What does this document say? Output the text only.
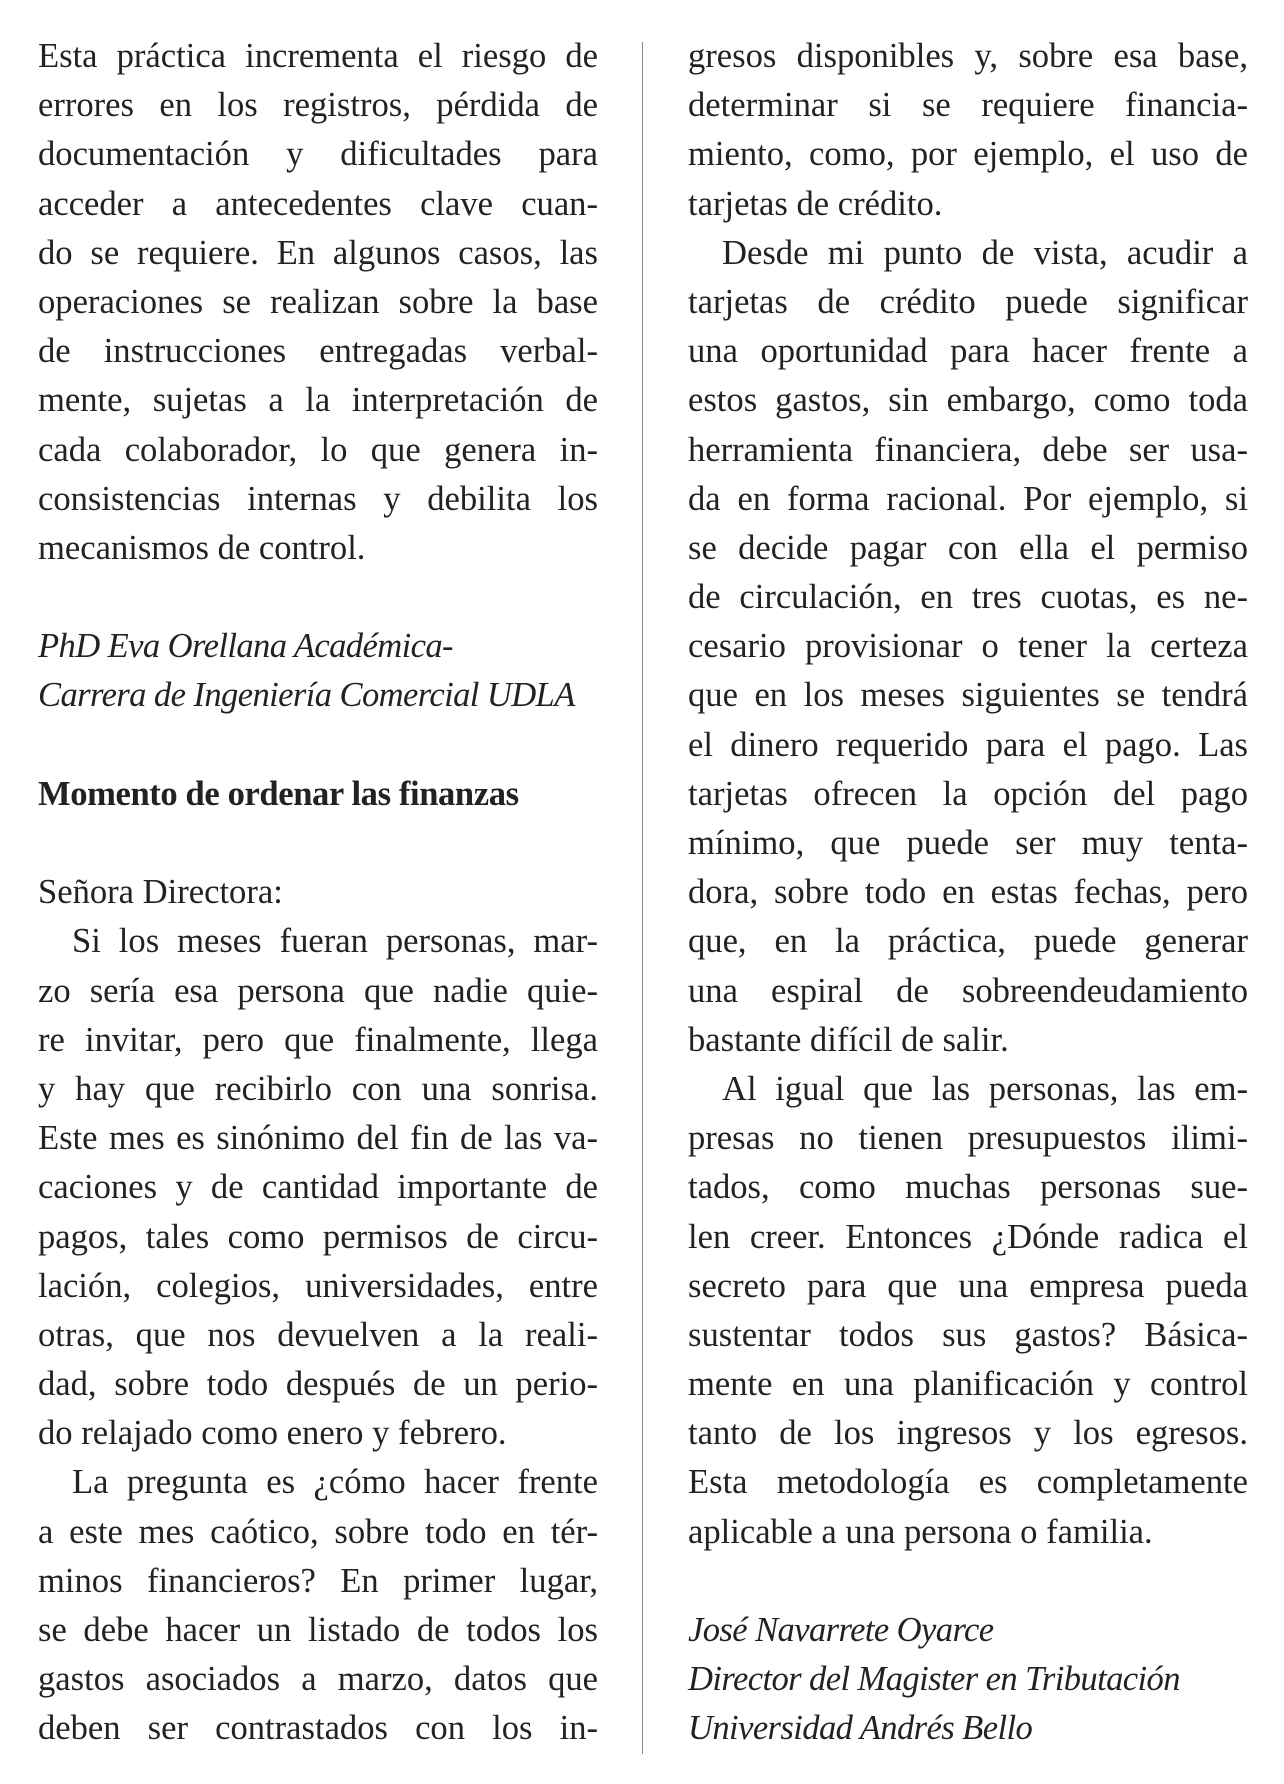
Esta práctica incrementa el riesgo de
errores en los registros, pérdida de
documentación y dificultades para
acceder a antecedentes clave cuan-
do se requiere. En algunos casos, las
operaciones se realizan sobre la base
de instrucciones entregadas verbal-
mente, sujetas a la interpretación de
cada colaborador, lo que genera in-
consistencias internas y debilita los
mecanismos de control.
PhD Eva Orellana Académica-
Carrera de Ingeniería Comercial UDLA
Momento de ordenar las finanzas
Señora Directora:
Si los meses fueran personas, mar-
zo sería esa persona que nadie quie-
re invitar, pero que finalmente, llega
y hay que recibirlo con una sonrisa.
Este mes es sinónimo del fin de las va-
caciones y de cantidad importante de
pagos, tales como permisos de circu-
lación, colegios, universidades, entre
otras, que nos devuelven a la reali-
dad, sobre todo después de un perio-
do relajado como enero y febrero.
La pregunta es ¿cómo hacer frente
a este mes caótico, sobre todo en tér-
minos financieros? En primer lugar,
se debe hacer un listado de todos los
gastos asociados a marzo, datos que
deben ser contrastados con los in-
gresos disponibles y, sobre esa base,
determinar si se requiere financia-
miento, como, por ejemplo, el uso de
tarjetas de crédito.
Desde mi punto de vista, acudir a
tarjetas de crédito puede significar
una oportunidad para hacer frente a
estos gastos, sin embargo, como toda
herramienta financiera, debe ser usa-
da en forma racional. Por ejemplo, si
se decide pagar con ella el permiso
de circulación, en tres cuotas, es ne-
cesario provisionar o tener la certeza
que en los meses siguientes se tendrá
el dinero requerido para el pago. Las
tarjetas ofrecen la opción del pago
mínimo, que puede ser muy tenta-
dora, sobre todo en estas fechas, pero
que, en la práctica, puede generar
una espiral de sobreendeudamiento
bastante difícil de salir.
Al igual que las personas, las em-
presas no tienen presupuestos ilimi-
tados, como muchas personas sue-
len creer. Entonces ¿Dónde radica el
secreto para que una empresa pueda
sustentar todos sus gastos? Básica-
mente en una planificación y control
tanto de los ingresos y los egresos.
Esta metodología es completamente
aplicable a una persona o familia.
José Navarrete Oyarce
Director del Magister en Tributación
Universidad Andrés Bello
